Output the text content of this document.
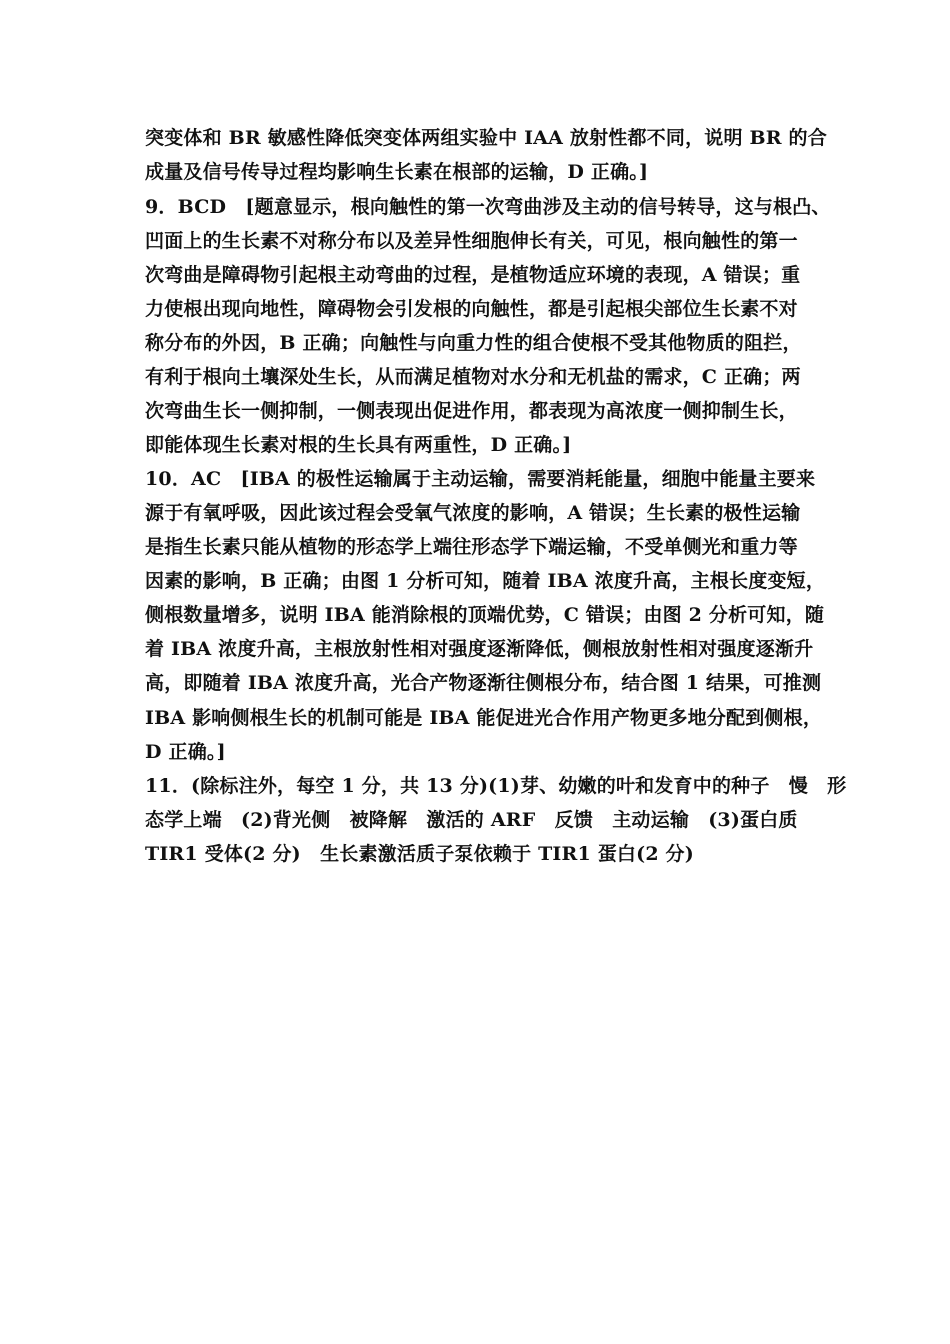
突变体和 BR 敏感性降低突变体两组实验中 IAA 放射性都不同，说明 BR 的合
成量及信号传导过程均影响生长素在根部的运输，D 正确。]
9．BCD　[题意显示，根向触性的第一次弯曲涉及主动的信号转导，这与根凸、
凹面上的生长素不对称分布以及差异性细胞伸长有关，可见，根向触性的第一
次弯曲是障碍物引起根主动弯曲的过程，是植物适应环境的表现，A 错误；重
力使根出现向地性，障碍物会引发根的向触性，都是引起根尖部位生长素不对
称分布的外因，B 正确；向触性与向重力性的组合使根不受其他物质的阻拦，
有利于根向土壤深处生长，从而满足植物对水分和无机盐的需求，C 正确；两
次弯曲生长一侧抑制，一侧表现出促进作用，都表现为高浓度一侧抑制生长，
即能体现生长素对根的生长具有两重性，D 正确。]
10．AC　[IBA 的极性运输属于主动运输，需要消耗能量，细胞中能量主要来
源于有氧呼吸，因此该过程会受氧气浓度的影响，A 错误；生长素的极性运输
是指生长素只能从植物的形态学上端往形态学下端运输，不受单侧光和重力等
因素的影响，B 正确；由图 1 分析可知，随着 IBA 浓度升高，主根长度变短，
侧根数量增多，说明 IBA 能消除根的顶端优势，C 错误；由图 2 分析可知，随
着 IBA 浓度升高，主根放射性相对强度逐渐降低，侧根放射性相对强度逐渐升
高，即随着 IBA 浓度升高，光合产物逐渐往侧根分布，结合图 1 结果，可推测
IBA 影响侧根生长的机制可能是 IBA 能促进光合作用产物更多地分配到侧根，
D 正确。]
11．(除标注外，每空 1 分，共 13 分)(1)芽、幼嫩的叶和发育中的种子　慢　形
态学上端　(2)背光侧　被降解　激活的 ARF　反馈　主动运输　(3)蛋白质
TIR1 受体(2 分)　生长素激活质子泵依赖于 TIR1 蛋白(2 分)
